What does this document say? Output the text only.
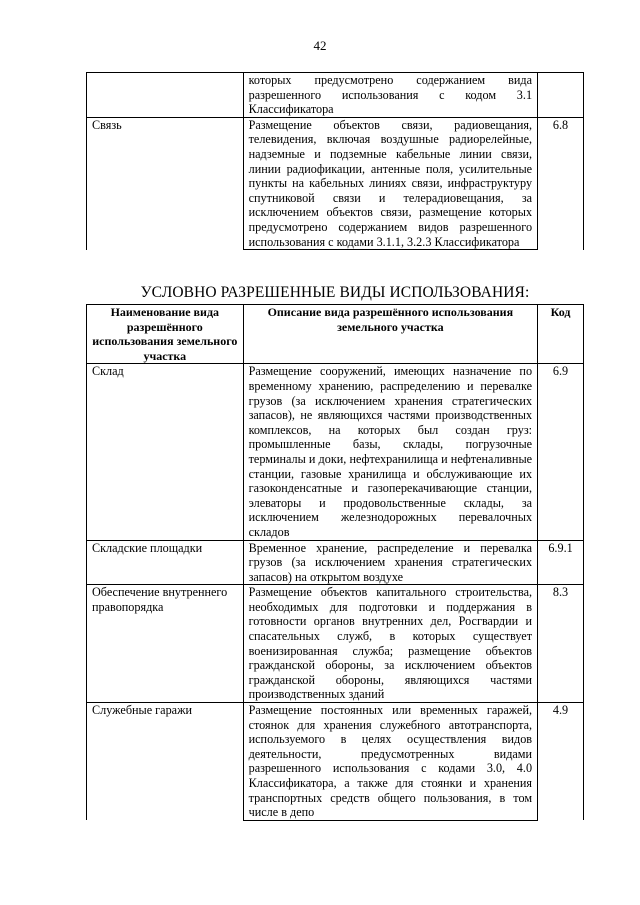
42
	которых предусмотрено содержанием вида разрешенного использования с кодом 3.1 Классификатора	
Связь	Размещение объектов связи, радиовещания, телевидения, включая воздушные радиорелейные, надземные и подземные кабельные линии связи, линии радиофикации, антенные поля, усилительные пункты на кабельных линиях связи, инфраструктуру спутниковой связи и телерадиовещания, за исключением объектов связи, размещение которых предусмотрено содержанием видов разрешенного использования с кодами 3.1.1, 3.2.3 Классификатора	6.8
УСЛОВНО РАЗРЕШЕННЫЕ ВИДЫ ИСПОЛЬЗОВАНИЯ:
Наименование вида разрешённого использования земельного участка	Описание вида разрешённого использования земельного участка	Код
Склад	Размещение сооружений, имеющих назначение по временному хранению, распределению и перевалке грузов (за исключением хранения стратегических запасов), не являющихся частями производственных комплексов, на которых был создан груз: промышленные базы, склады, погрузочные терминалы и доки, нефтехранилища и нефтеналивные станции, газовые хранилища и обслуживающие их газоконденсатные и газоперекачивающие станции, элеваторы и продовольственные склады, за исключением железнодорожных перевалочных складов	6.9
Складские площадки	Временное хранение, распределение и перевалка грузов (за исключением хранения стратегических запасов) на открытом воздухе	6.9.1
Обеспечение внутреннего правопорядка	Размещение объектов капитального строительства, необходимых для подготовки и поддержания в готовности органов внутренних дел, Росгвардии и спасательных служб, в которых существует военизированная служба; размещение объектов гражданской обороны, за исключением объектов гражданской обороны, являющихся частями производственных зданий	8.3
Служебные гаражи	Размещение постоянных или временных гаражей, стоянок для хранения служебного автотранспорта, используемого в целях осуществления видов деятельности, предусмотренных видами разрешенного использования с кодами 3.0, 4.0 Классификатора, а также для стоянки и хранения транспортных средств общего пользования, в том числе в депо	4.9
